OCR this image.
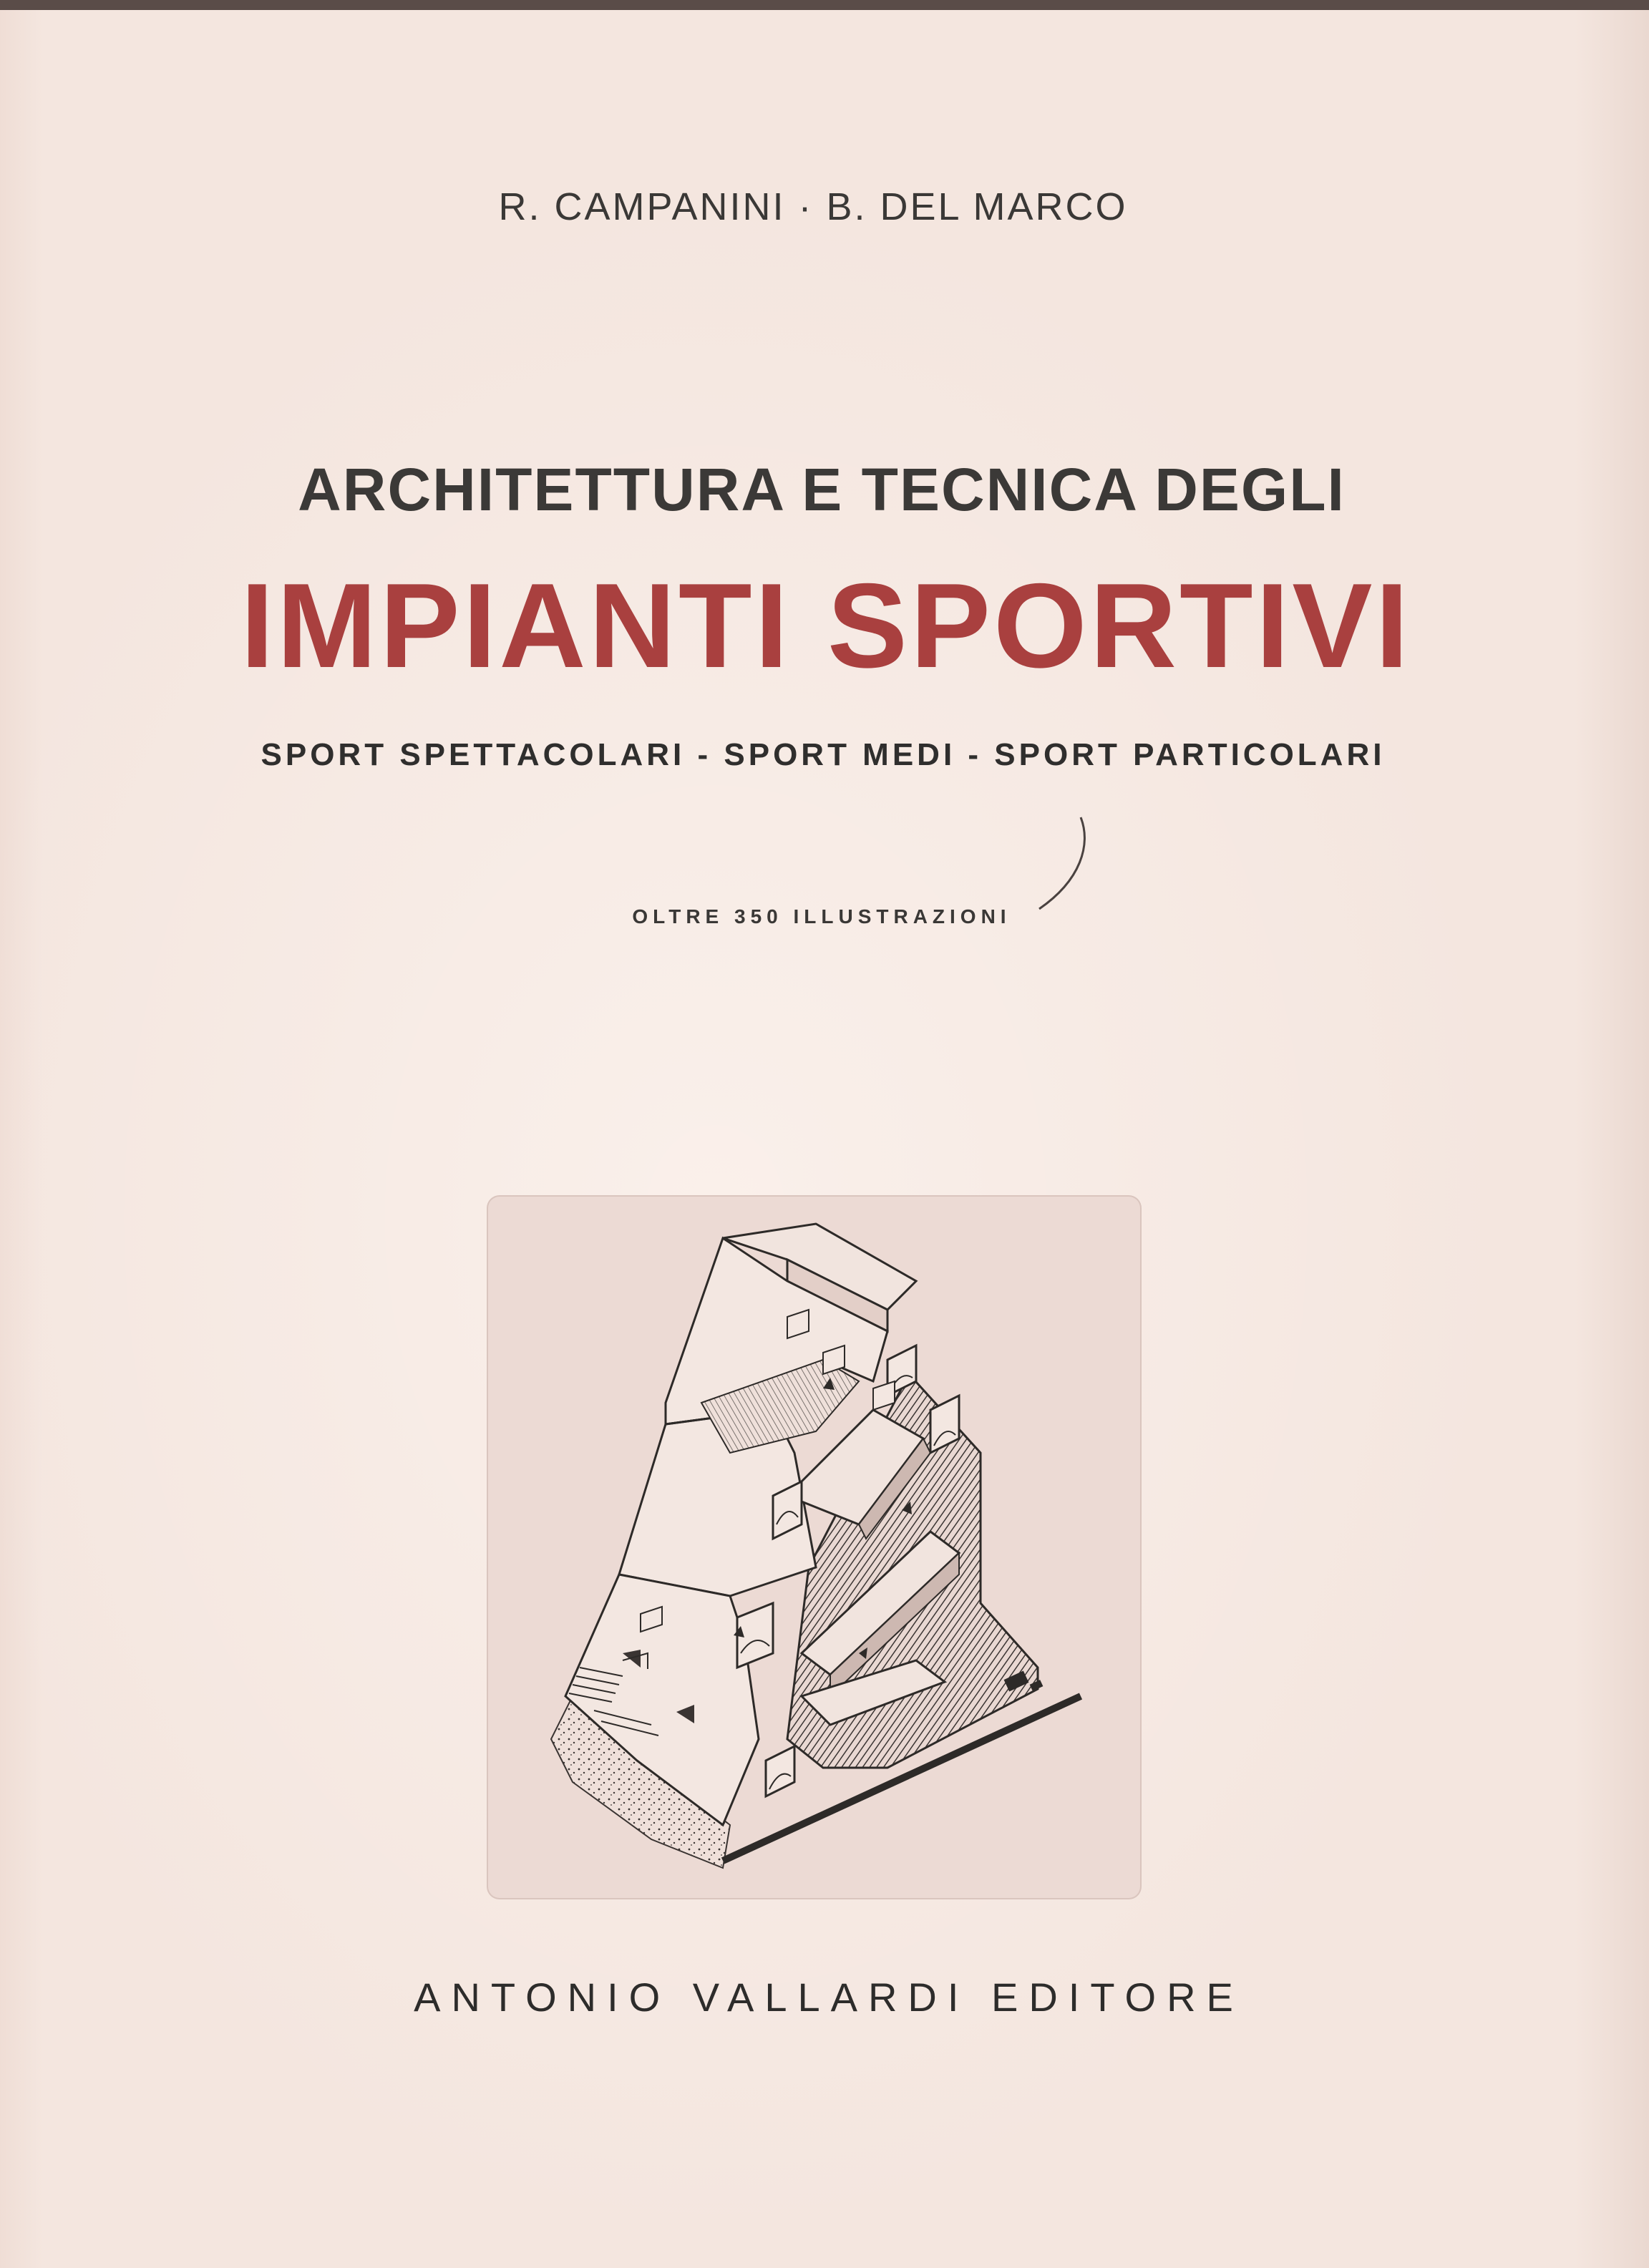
R. CAMPANINI · B. DEL MARCO
ARCHITETTURA E TECNICA DEGLI
IMPIANTI SPORTIVI
SPORT SPETTACOLARI - SPORT MEDI - SPORT PARTICOLARI
OLTRE 350 ILLUSTRAZIONI
ANTONIO VALLARDI EDITORE
